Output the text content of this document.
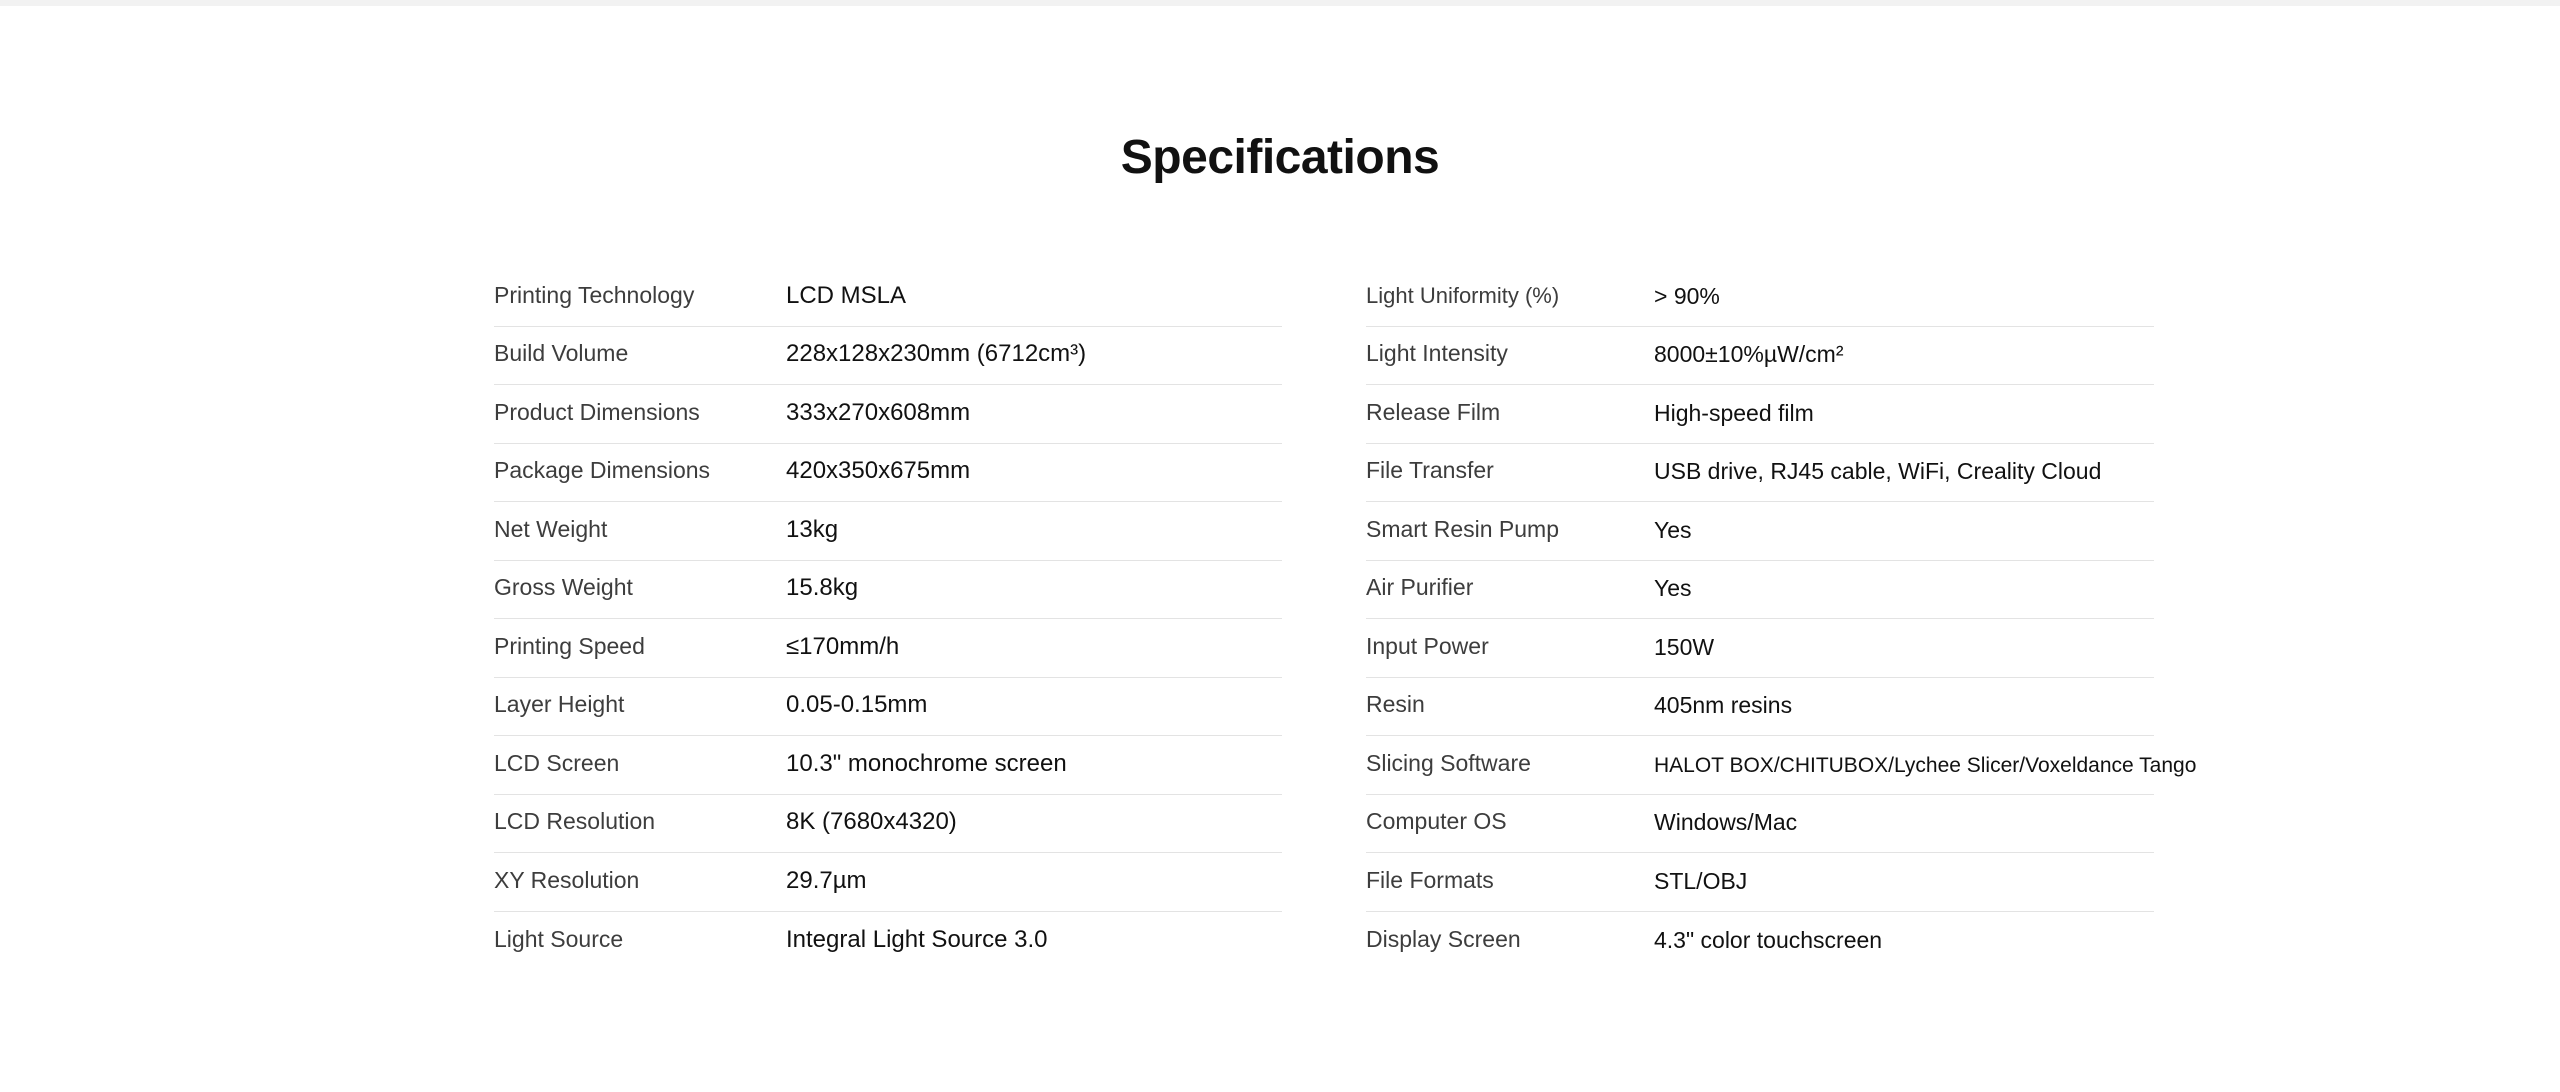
Specifications
Printing Technology	LCD MSLA
Build Volume	228x128x230mm (6712cm³)
Product Dimensions	333x270x608mm
Package Dimensions	420x350x675mm
Net Weight	13kg
Gross Weight	15.8kg
Printing Speed	≤170mm/h
Layer Height	0.05-0.15mm
LCD Screen	10.3" monochrome screen
LCD Resolution	8K (7680x4320)
XY Resolution	29.7µm
Light Source	Integral Light Source 3.0
Light Uniformity (%)	> 90%
Light Intensity	8000±10%µW/cm²
Release Film	High-speed film
File Transfer	USB drive, RJ45 cable, WiFi, Creality Cloud
Smart Resin Pump	Yes
Air Purifier	Yes
Input Power	150W
Resin	405nm resins
Slicing Software	HALOT BOX/CHITUBOX/Lychee Slicer/Voxeldance Tango
Computer OS	Windows/Mac
File Formats	STL/OBJ
Display Screen	4.3" color touchscreen
